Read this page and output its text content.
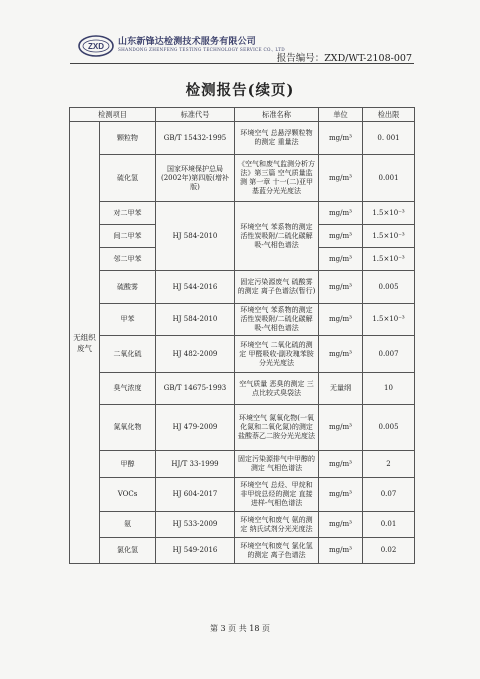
ZXD 山东新锋达检测技术服务有限公司
SHANDONG ZHENFENG TESTING TECHNOLOGY SERVICE CO., LTD
报告编号：ZXD/WT-2108-007
检测报告(续页)
检测项目		标准代号	标准名称	单位	检出限
无组织废气	颗粒物	GB/T 15432-1995	环境空气 总悬浮颗粒物的测定 重量法	mg/m³	0. 001
	硫化氢	国家环境保护总局(2002年)第四版(增补版)	《空气和废气监测分析方法》第三篇 空气质量监测 第一章 十一(二)亚甲基蓝分光光度法	mg/m³	0.001
	对二甲苯	HJ 584-2010	环境空气 苯系物的测定 活性炭吸附/二硫化碳解吸-气相色谱法	mg/m³	1.5×10⁻³
	间二甲苯			mg/m³	1.5×10⁻³
	邻二甲苯			mg/m³	1.5×10⁻³
	硫酸雾	HJ 544-2016	固定污染源废气 硫酸雾的测定 离子色谱法(暂行)	mg/m³	0.005
	甲苯	HJ 584-2010	环境空气 苯系物的测定 活性炭吸附/二硫化碳解吸-气相色谱法	mg/m³	1.5×10⁻³
	二氧化硫	HJ 482-2009	环境空气 二氧化硫的测定 甲醛吸收-副玫瑰苯胺分光光度法	mg/m³	0.007
	臭气浓度	GB/T 14675-1993	空气质量 恶臭的测定 三点比较式臭袋法	无量纲	10
	氮氧化物	HJ 479-2009	环境空气 氮氧化物(一氧化氮和二氧化氮)的测定 盐酸萘乙二胺分光光度法	mg/m³	0.005
	甲醇	HJ/T 33-1999	固定污染源排气中甲醇的测定 气相色谱法	mg/m³	2
	VOCs	HJ 604-2017	环境空气 总烃、甲烷和非甲烷总烃的测定 直接进样-气相色谱法	mg/m³	0.07
	氨	HJ 533-2009	环境空气和废气 氨的测定 纳氏试剂分光光度法	mg/m³	0.01
	氯化氢	HJ 549-2016	环境空气和废气 氯化氢的测定 离子色谱法	mg/m³	0.02
第 3 页 共 18 页
